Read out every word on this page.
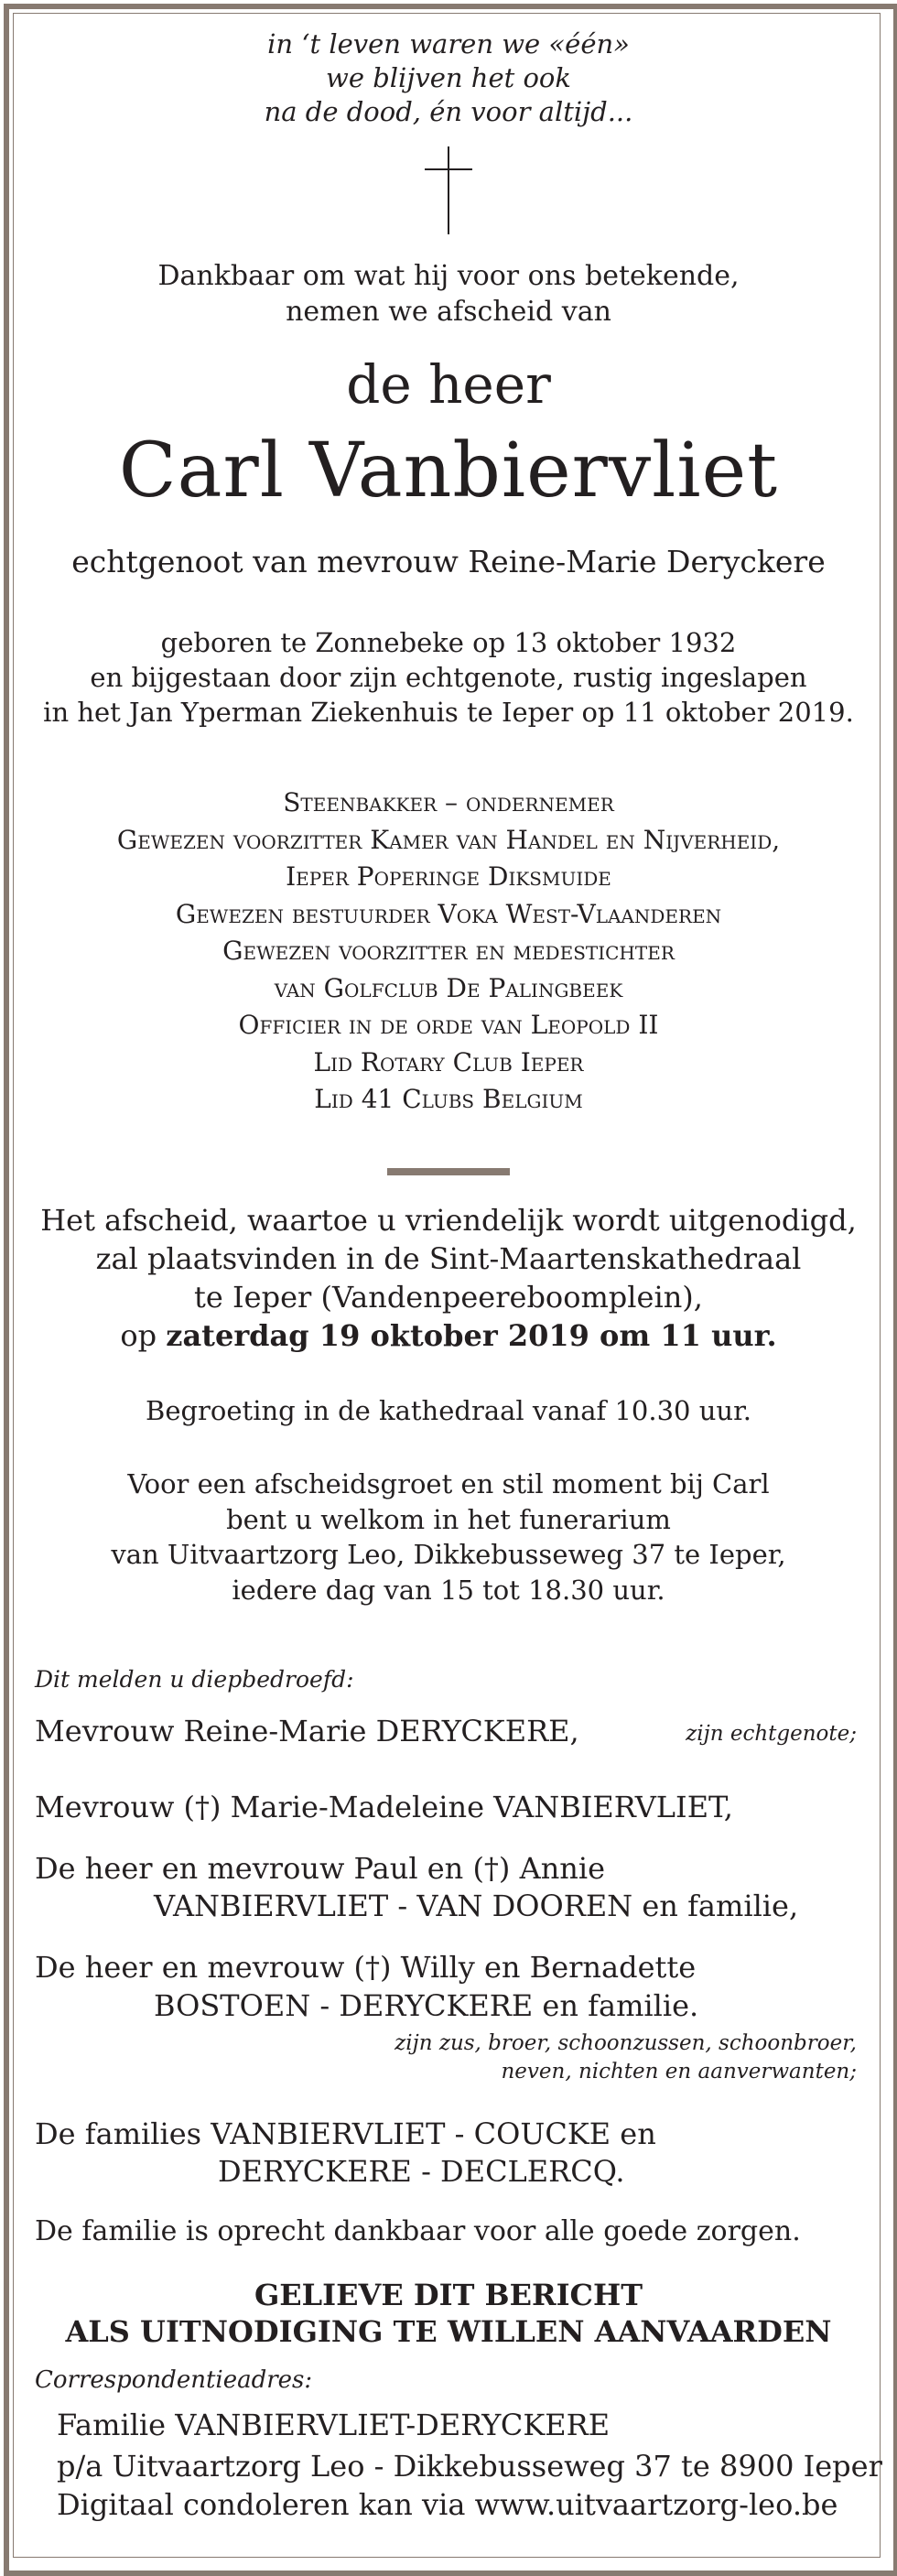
in ‘t leven waren we «één»
we blijven het ook
na de dood, én voor altijd...
Dankbaar om wat hij voor ons betekende,
nemen we afscheid van
de heer
Carl Vanbiervliet
echtgenoot van mevrouw Reine-Marie Deryckere
geboren te Zonnebeke op 13 oktober 1932
en bijgestaan door zijn echtgenote, rustig ingeslapen
in het Jan Yperman Ziekenhuis te Ieper op 11 oktober 2019.
Steenbakker – ondernemer
Gewezen voorzitter Kamer van Handel en Nijverheid,
Ieper Poperinge Diksmuide
Gewezen bestuurder Voka West-Vlaanderen
Gewezen voorzitter en medestichter
van Golfclub De Palingbeek
Officier in de orde van Leopold II
Lid Rotary Club Ieper
Lid 41 Clubs Belgium
Het afscheid, waartoe u vriendelijk wordt uitgenodigd,
zal plaatsvinden in de Sint-Maartenskathedraal
te Ieper (Vandenpeereboomplein),
op zaterdag 19 oktober 2019 om 11 uur.
Begroeting in de kathedraal vanaf 10.30 uur.
Voor een afscheidsgroet en stil moment bij Carl
bent u welkom in het funerarium
van Uitvaartzorg Leo, Dikkebusseweg 37 te Ieper,
iedere dag van 15 tot 18.30 uur.
Dit melden u diepbedroefd:
Mevrouw Reine-Marie DERYCKERE,	zijn echtgenote;
Mevrouw (†) Marie-Madeleine VANBIERVLIET,
De heer en mevrouw Paul en (†) Annie
VANBIERVLIET - VAN DOOREN en familie,
De heer en mevrouw (†) Willy en Bernadette
BOSTOEN - DERYCKERE en familie.
zijn zus, broer, schoonzussen, schoonbroer,
neven, nichten en aanverwanten;
De families VANBIERVLIET - COUCKE en
DERYCKERE - DECLERCQ.
De familie is oprecht dankbaar voor alle goede zorgen.
GELIEVE DIT BERICHT
ALS UITNODIGING TE WILLEN AANVAARDEN
Correspondentieadres:
Familie VANBIERVLIET-DERYCKERE
p/a Uitvaartzorg Leo - Dikkebusseweg 37 te 8900 Ieper
Digitaal condoleren kan via www.uitvaartzorg-leo.be
